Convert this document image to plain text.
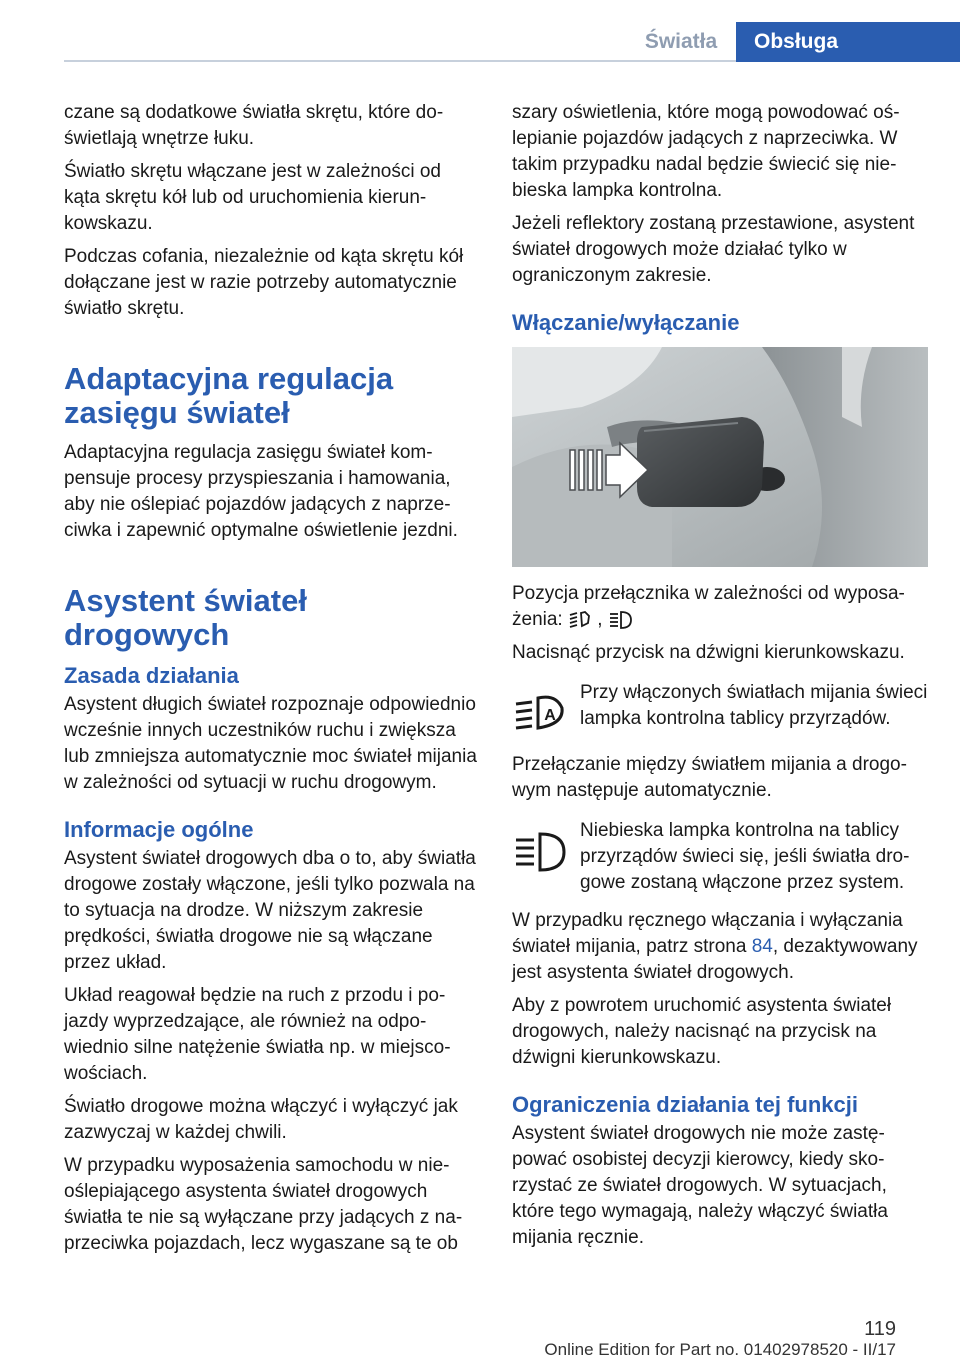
Światła	Obsługa

czane są dodatkowe światła skrętu, które doświetlają wnętrze łuku.

Światło skrętu włączane jest w zależności od kąta skrętu kół lub od uruchomienia kierunkowskazu.

Podczas cofania, niezależnie od kąta skrętu kół dołączane jest w razie potrzeby automatycznie światło skrętu.

Adaptacyjna regulacja zasięgu świateł

Adaptacyjna regulacja zasięgu świateł kompensuje procesy przyspieszania i hamowania, aby nie oślepiać pojazdów jadących z naprzeciwka i zapewnić optymalne oświetlenie jezdni.

Asystent świateł drogowych
Zasada działania

Asystent długich świateł rozpoznaje odpowiednio wcześnie innych uczestników ruchu i zwiększa lub zmniejsza automatycznie moc świateł mijania w zależności od sytuacji w ruchu drogowym.

Informacje ogólne

Asystent świateł drogowych dba o to, aby światła drogowe zostały włączone, jeśli tylko pozwala na to sytuacja na drodze. W niższym zakresie prędkości, światła drogowe nie są włączane przez układ.

Układ reagował będzie na ruch z przodu i pojazdy wyprzedzające, ale również na odpowiednio silne natężenie światła np. w miejscowościach.

Światło drogowe można włączyć i wyłączyć jak zazwyczaj w każdej chwili.

W przypadku wyposażenia samochodu w nieoślepiającego asystenta świateł drogowych światła te nie są wyłączane przy jadących z naprzeciwka pojazdach, lecz wygaszane są te ob

szary oświetlenia, które mogą powodować oślepianie pojazdów jadących z naprzeciwka. W takim przypadku nadal będzie świecić się niebieska lampka kontrolna.

Jeżeli reflektory zostaną przestawione, asystent świateł drogowych może działać tylko w ograniczonym zakresie.

Włączanie/wyłączanie

Pozycja przełącznika w zależności od wyposażenia: ,

Nacisnąć przycisk na dźwigni kierunkowskazu.

A
Przy włączonych światłach mijania świeci lampka kontrolna tablicy przyrządów.

Przełączanie między światłem mijania a drogowym następuje automatycznie.

Niebieska lampka kontrolna na tablicy przyrządów świeci się, jeśli światła drogowe zostaną włączone przez system.

W przypadku ręcznego włączania i wyłączania świateł mijania, patrz strona 84, dezaktywowany jest asystenta świateł drogowych.

Aby z powrotem uruchomić asystenta świateł drogowych, należy nacisnąć na przycisk na dźwigni kierunkowskazu.

Ograniczenia działania tej funkcji

Asystent świateł drogowych nie może zastępować osobistej decyzji kierowcy, kiedy skorzystać ze świateł drogowych. W sytuacjach, które tego wymagają, należy włączyć światła mijania ręcznie.

119
Online Edition for Part no. 01402978520 - II/17
